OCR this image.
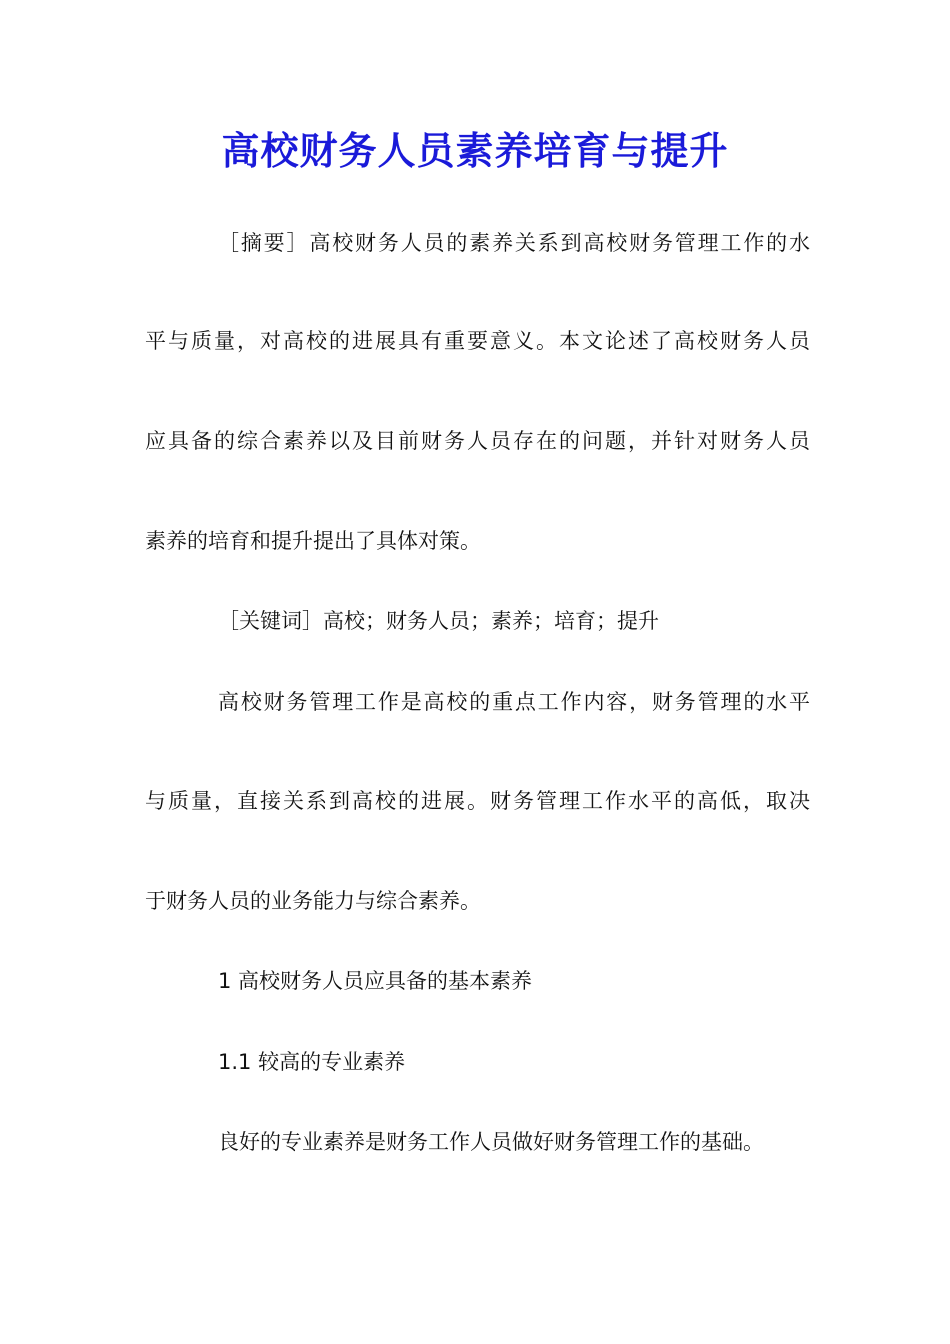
高校财务人员素养培育与提升
［摘要］高校财务人员的素养关系到高校财务管理工作的水
平与质量，对高校的进展具有重要意义。本文论述了高校财务人员
应具备的综合素养以及目前财务人员存在的问题，并针对财务人员
素养的培育和提升提出了具体对策。
［关键词］高校；财务人员；素养；培育；提升
高校财务管理工作是高校的重点工作内容，财务管理的水平
与质量，直接关系到高校的进展。财务管理工作水平的高低，取决
于财务人员的业务能力与综合素养。
1 高校财务人员应具备的基本素养
1.1 较高的专业素养
良好的专业素养是财务工作人员做好财务管理工作的基础。
